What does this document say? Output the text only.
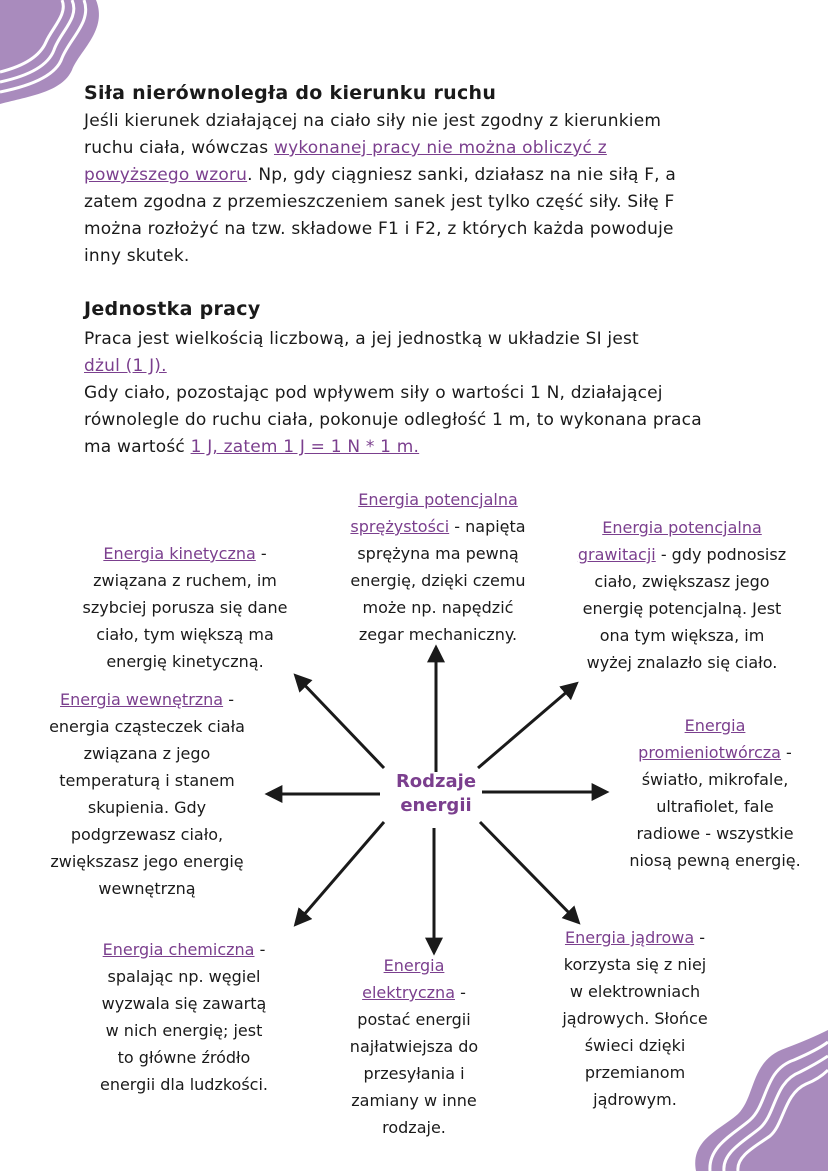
Siła nierównoległa do kierunku ruchu
Jeśli kierunek działającej na ciało siły nie jest zgodny z kierunkiem
ruchu ciała, wówczas wykonanej pracy nie można obliczyć z
powyższego wzoru. Np, gdy ciągniesz sanki, działasz na nie siłą F, a
zatem zgodna z przemieszczeniem sanek jest tylko część siły. Siłę F
można rozłożyć na tzw. składowe F1 i F2, z których każda powoduje
inny skutek.
Jednostka pracy
Praca jest wielkością liczbową, a jej jednostką w układzie SI jest
dżul (1 J).
Gdy ciało, pozostając pod wpływem siły o wartości 1 N, działającej
równolegle do ruchu ciała, pokonuje odległość 1 m, to wykonana praca
ma wartość 1 J, zatem 1 J = 1 N * 1 m.
Rodzaje
energii
Energia kinetyczna -
związana z ruchem, im
szybciej porusza się dane
ciało, tym większą ma
energię kinetyczną.
Energia potencjalna
sprężystości - napięta
sprężyna ma pewną
energię, dzięki czemu
może np. napędzić
zegar mechaniczny.
Energia potencjalna
grawitacji - gdy podnosisz
ciało, zwiększasz jego
energię potencjalną. Jest
ona tym większa, im
wyżej znalazło się ciało.
Energia wewnętrzna -
energia cząsteczek ciała
związana z jego
temperaturą i stanem
skupienia. Gdy
podgrzewasz ciało,
zwiększasz jego energię
wewnętrzną
Energia
promieniotwórcza -
światło, mikrofale,
ultrafiolet, fale
radiowe - wszystkie
niosą pewną energię.
Energia chemiczna -
spalając np. węgiel
wyzwala się zawartą
w nich energię; jest
to główne źródło
energii dla ludzkości.
Energia
elektryczna -
postać energii
najłatwiejsza do
przesyłania i
zamiany w inne
rodzaje.
Energia jądrowa -
korzysta się z niej
w elektrowniach
jądrowych. Słońce
świeci dzięki
przemianom
jądrowym.
